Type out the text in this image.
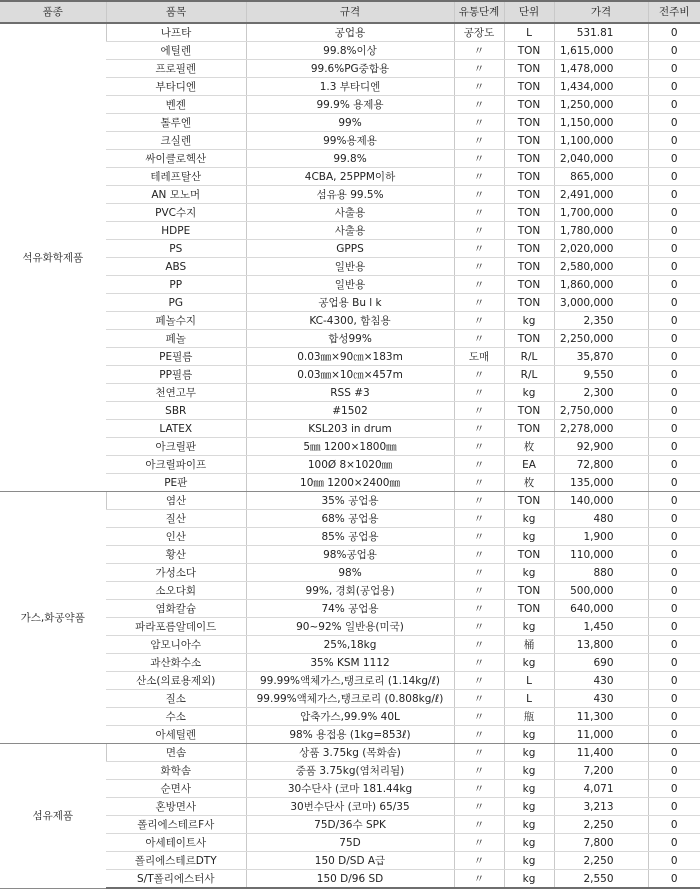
품종	품목	규격	유통단계	단위	가격	전주비
석유화학제품	나프타	공업용	공장도	L	531.81	0
	에틸렌	99.8%이상	〃	TON	1,615,000	0
	프로필렌	99.6%PG중합용	〃	TON	1,478,000	0
	부타디엔	1.3 부타디엔	〃	TON	1,434,000	0
	벤젠	99.9% 용제용	〃	TON	1,250,000	0
	톨루엔	99%	〃	TON	1,150,000	0
	크실렌	99%용제용	〃	TON	1,100,000	0
	싸이클로헥산	99.8%	〃	TON	2,040,000	0
	테레프탈산	4CBA, 25PPM이하	〃	TON	865,000	0
	AN 모노머	섬유용 99.5%	〃	TON	2,491,000	0
	PVC수지	사출용	〃	TON	1,700,000	0
	HDPE	사출용	〃	TON	1,780,000	0
	PS	GPPS	〃	TON	2,020,000	0
	ABS	일반용	〃	TON	2,580,000	0
	PP	일반용	〃	TON	1,860,000	0
	PG	공업용 Bu l k	〃	TON	3,000,000	0
	페놀수지	KC-4300, 함침용	〃	kg	2,350	0
	페놀	합성99%	〃	TON	2,250,000	0
	PE필름	0.03㎜×90㎝×183m	도매	R/L	35,870	0
	PP필름	0.03㎜×10㎝×457m	〃	R/L	9,550	0
	천연고무	RSS #3	〃	kg	2,300	0
	SBR	#1502	〃	TON	2,750,000	0
	LATEX	KSL203 in drum	〃	TON	2,278,000	0
	아크릴판	5㎜ 1200×1800㎜	〃	枚	92,900	0
	아크릴파이프	100Ø 8×1020㎜	〃	EA	72,800	0
	PE판	10㎜ 1200×2400㎜	〃	枚	135,000	0
가스,화공약품	염산	35% 공업용	〃	TON	140,000	0
	질산	68% 공업용	〃	kg	480	0
	인산	85% 공업용	〃	kg	1,900	0
	황산	98%공업용	〃	TON	110,000	0
	가성소다	98%	〃	kg	880	0
	소오다회	99%, 경회(공업용)	〃	TON	500,000	0
	염화칼슘	74% 공업용	〃	TON	640,000	0
	파라포름알데이드	90~92% 일반용(미국)	〃	kg	1,450	0
	암모니아수	25%,18kg	〃	桶	13,800	0
	과산화수소	35% KSM 1112	〃	kg	690	0
	산소(의료용제외)	99.99%액체가스,탱크로리 (1.14kg/ℓ)	〃	L	430	0
	질소	99.99%액체가스,탱크로리 (0.808kg/ℓ)	〃	L	430	0
	수소	압축가스,99.9% 40L	〃	甁	11,300	0
	아세틸렌	98% 용접용 (1kg=853ℓ)	〃	kg	11,000	0
섬유제품	면솜	상품 3.75kg (목화솜)	〃	kg	11,400	0
	화학솜	중품 3.75kg(염처리됨)	〃	kg	7,200	0
	순면사	30수단사 (코마 181.44kg	〃	kg	4,071	0
	혼방면사	30번수단사 (코마) 65/35	〃	kg	3,213	0
	폴리에스테르F사	75D/36수 SPK	〃	kg	2,250	0
	아세테이트사	75D	〃	kg	7,800	0
	폴리에스테르DTY	150 D/SD A급	〃	kg	2,250	0
	S/T폴리에스터사	150 D/96 SD	〃	kg	2,550	0
